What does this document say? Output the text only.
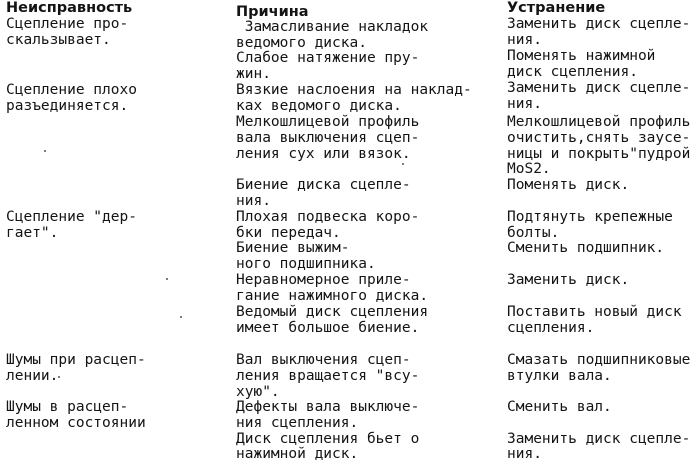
Неисправность	Причина	Устранение
Сцепление про-
скальзывает.
Сцепление плохо
разъединяется.
Сцепление "дер-
гает".
Шумы при расцеп-
лении.
Шумы в расцеп-
ленном состоянии
Замасливание накладок
ведомого диска.
Слабое натяжение пру-
жин.
Вязкие наслоения на наклад-
ках ведомого диска.
Мелкошлицевой профиль
вала выключения сцеп-
ления сух или вязок.
Биение диска сцепле-
ния.
Плохая подвеска коро-
бки передач.
Биение выжим-
ного подшипника.
Неравномерное приле-
гание нажимного диска.
Ведомый диск сцепления
имеет большое биение.
Вал выключения сцеп-
ления вращается "всу-
хую".
Дефекты вала выключе-
ния сцепления.
Диск сцепления бьет о
нажимной диск.
Заменить диск сцепле-
ния.
Поменять нажимной
диск сцепления.
Заменить диск сцепле-
ния.
Мелкошлицевой профиль
очистить,снять заусе-
ницы и покрыть"пудрой
MoS2.
Поменять диск.
Подтянуть крепежные
болты.
Сменить подшипник.
Заменить диск.
Поставить новый диск
сцепления.
Смазать подшипниковые
втулки вала.
Сменить вал.
Заменить диск сцепле-
ния.
